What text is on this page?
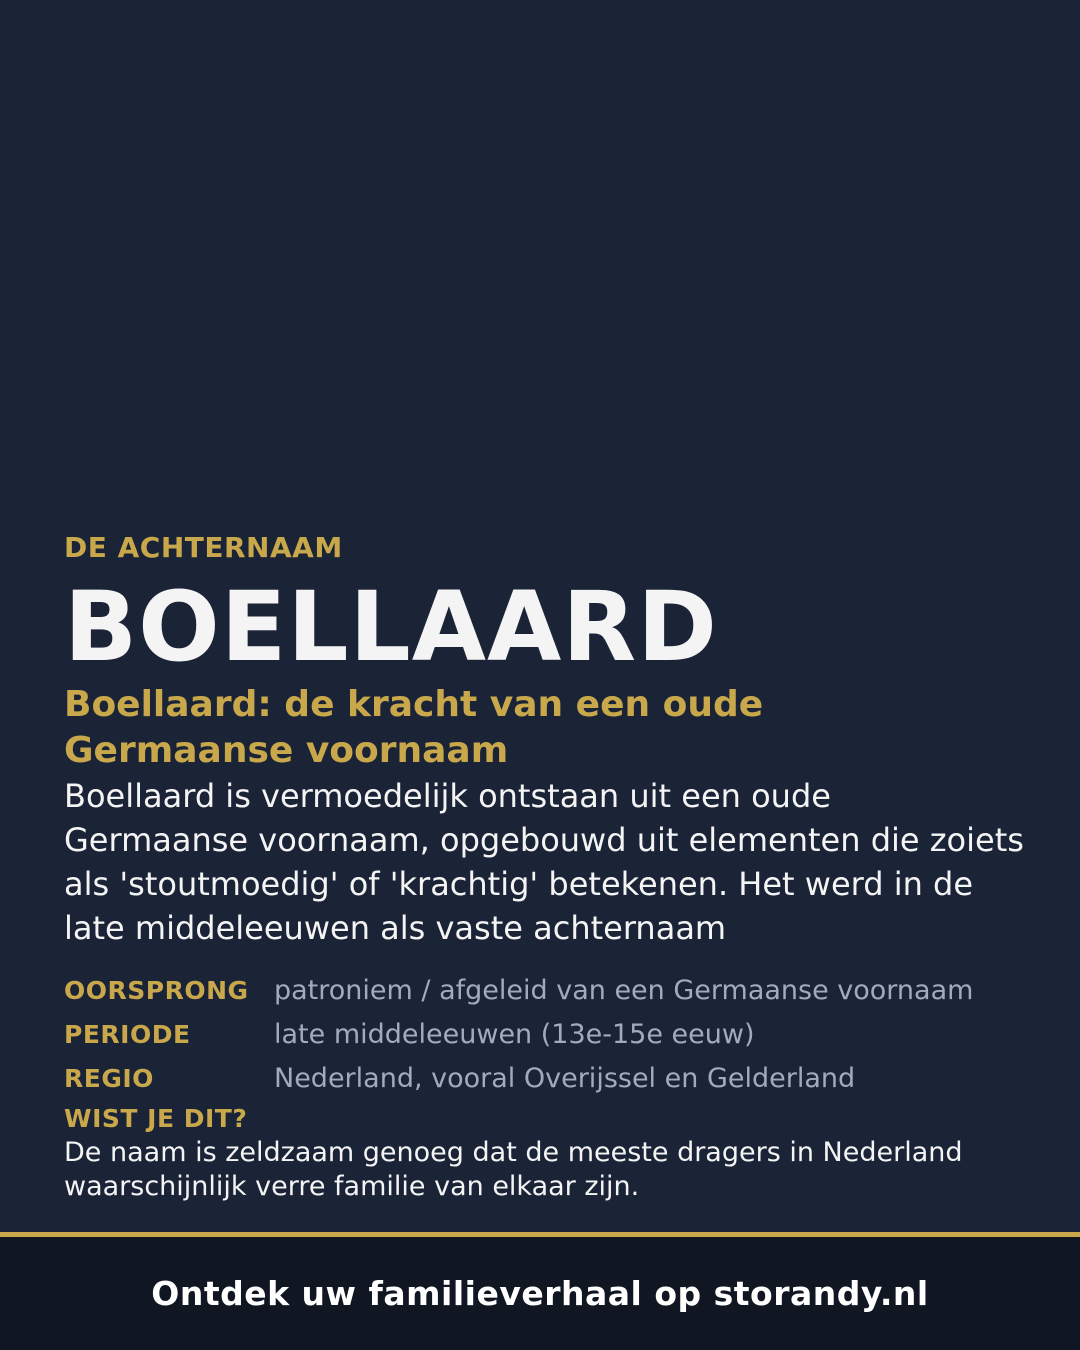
DE ACHTERNAAM
BOELLAARD
Boellaard: de kracht van een oude
Germaanse voornaam

Boellaard is vermoedelijk ontstaan uit een oude Germaanse voornaam, opgebouwd uit elementen die zoiets als 'stoutmoedig' of 'krachtig' betekenen. Het werd in de late middeleeuwen als vaste achternaam

OORSPRONG patroniem / afgeleid van een Germaanse voornaam
PERIODE	late middeleeuwen (13e-15e eeuw)
REGIO	Nederland, vooral Overijssel en Gelderland
WIST JE DIT?

De naam is zeldzaam genoeg dat de meeste dragers in Nederland waarschijnlijk verre familie van elkaar zijn.

Ontdek uw familieverhaal op storandy.nl
